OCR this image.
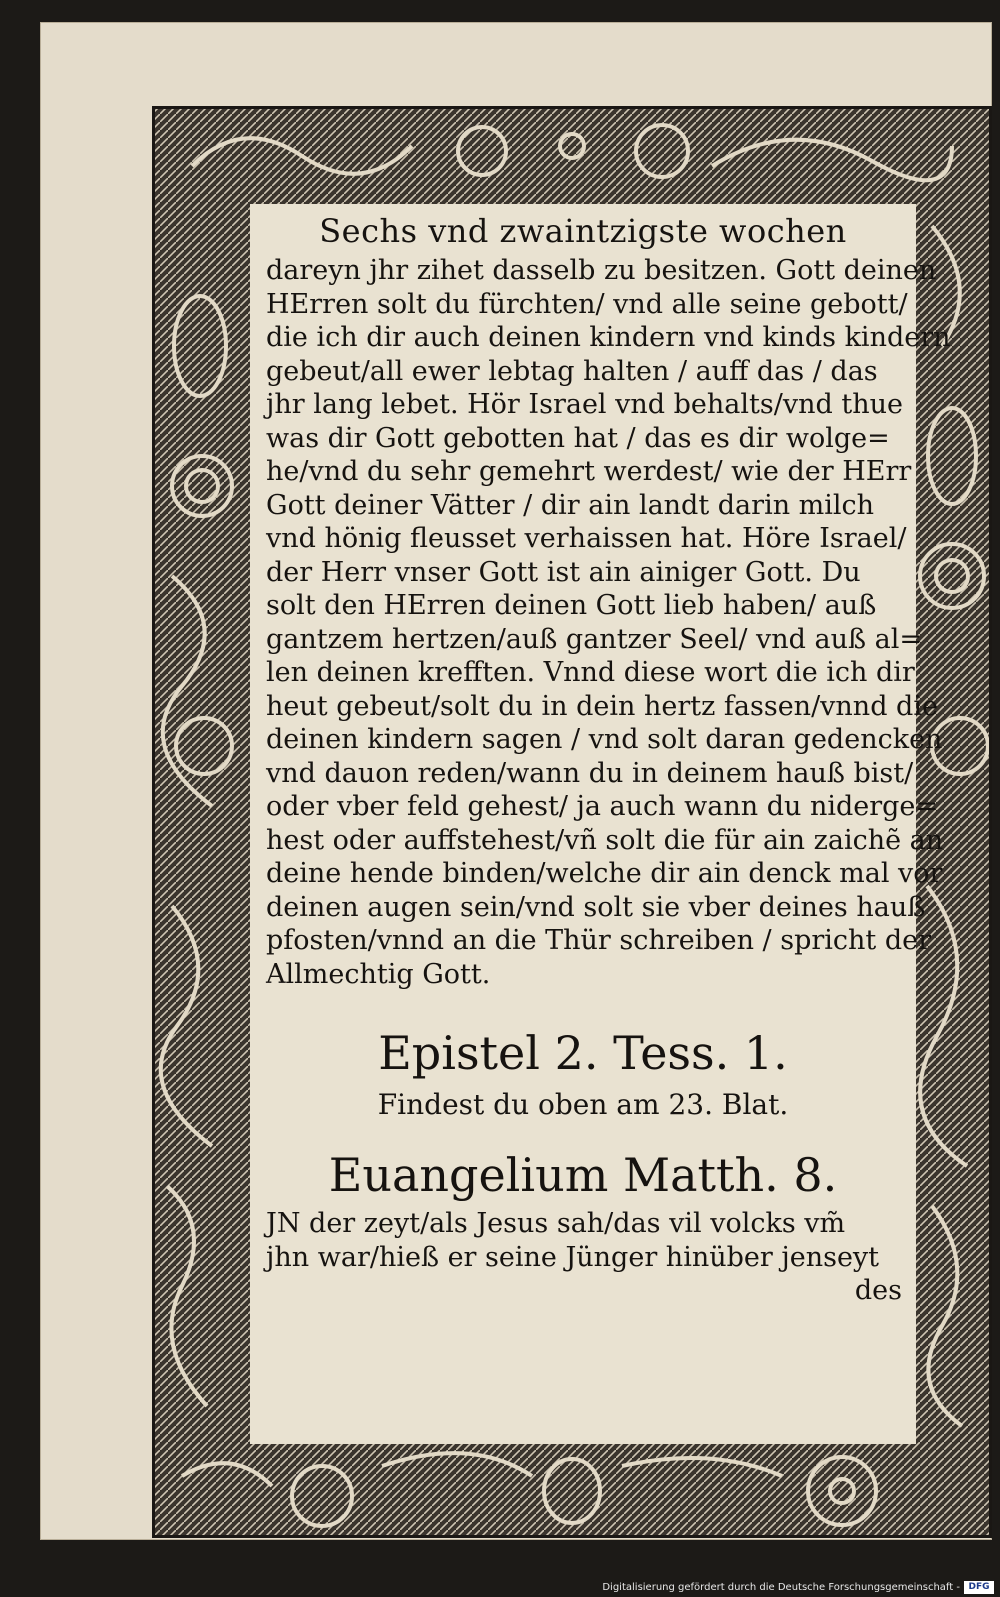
Sechs vnd zwaintzigste wochen
dareyn jhr zihet dasselb zu besitzen. Gott deinen
HErren solt du fürchten/ vnd alle seine gebott/
die ich dir auch deinen kindern vnd kinds kindern
gebeut/all ewer lebtag halten / auff das / das
jhr lang lebet. Hör Israel vnd behalts/vnd thue
was dir Gott gebotten hat / das es dir wolge=
he/vnd du sehr gemehrt werdest/ wie der HErr
Gott deiner Vätter / dir ain landt darin milch
vnd hönig fleusset verhaissen hat. Höre Israel/
der Herr vnser Gott ist ain ainiger Gott. Du
solt den HErren deinen Gott lieb haben/ auß
gantzem hertzen/auß gantzer Seel/ vnd auß al=
len deinen krefften. Vnnd diese wort die ich dir
heut gebeut/solt du in dein hertz fassen/vnnd die
deinen kindern sagen / vnd solt daran gedencken
vnd dauon reden/wann du in deinem hauß bist/
oder vber feld gehest/ ja auch wann du niderge=
hest oder auffstehest/vñ solt die für ain zaichẽ an
deine hende binden/welche dir ain denck mal vor
deinen augen sein/vnd solt sie vber deines hauß
pfosten/vnnd an die Thür schreiben / spricht der
Allmechtig Gott.
Epistel 2. Tess. 1.
Findest du oben am 23. Blat.
Euangelium Matth. 8.
JN der zeyt/als Jesus sah/das vil volcks vm̃
jhn war/hieß er seine Jünger hinüber jenseyt
des
Digitalisierung gefördert durch die Deutsche Forschungsgemeinschaft - DFG
